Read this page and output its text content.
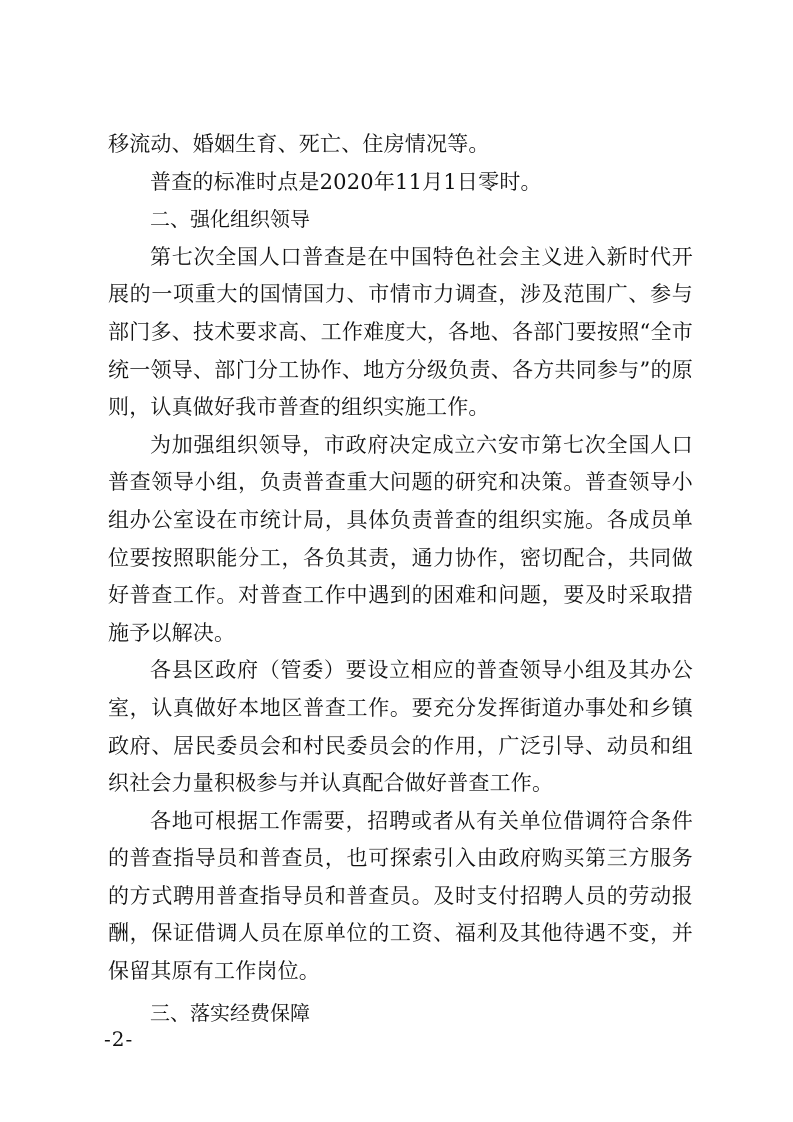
移流动、婚姻生育、死亡、住房情况等。

普查的标准时点是2020年11月1日零时。

二、强化组织领导

第七次全国人口普查是在中国特色社会主义进入新时代开展的一项重大的国情国力、市情市力调查，涉及范围广、参与部门多、技术要求高、工作难度大，各地、各部门要按照“全市统一领导、部门分工协作、地方分级负责、各方共同参与”的原则，认真做好我市普查的组织实施工作。

为加强组织领导，市政府决定成立六安市第七次全国人口普查领导小组，负责普查重大问题的研究和决策。普查领导小组办公室设在市统计局，具体负责普查的组织实施。各成员单位要按照职能分工，各负其责，通力协作，密切配合，共同做好普查工作。对普查工作中遇到的困难和问题，要及时采取措施予以解决。

各县区政府（管委）要设立相应的普查领导小组及其办公室，认真做好本地区普查工作。要充分发挥街道办事处和乡镇政府、居民委员会和村民委员会的作用，广泛引导、动员和组织社会力量积极参与并认真配合做好普查工作。

各地可根据工作需要，招聘或者从有关单位借调符合条件的普查指导员和普查员，也可探索引入由政府购买第三方服务的方式聘用普查指导员和普查员。及时支付招聘人员的劳动报酬，保证借调人员在原单位的工资、福利及其他待遇不变，并保留其原有工作岗位。

三、落实经费保障
-2-
